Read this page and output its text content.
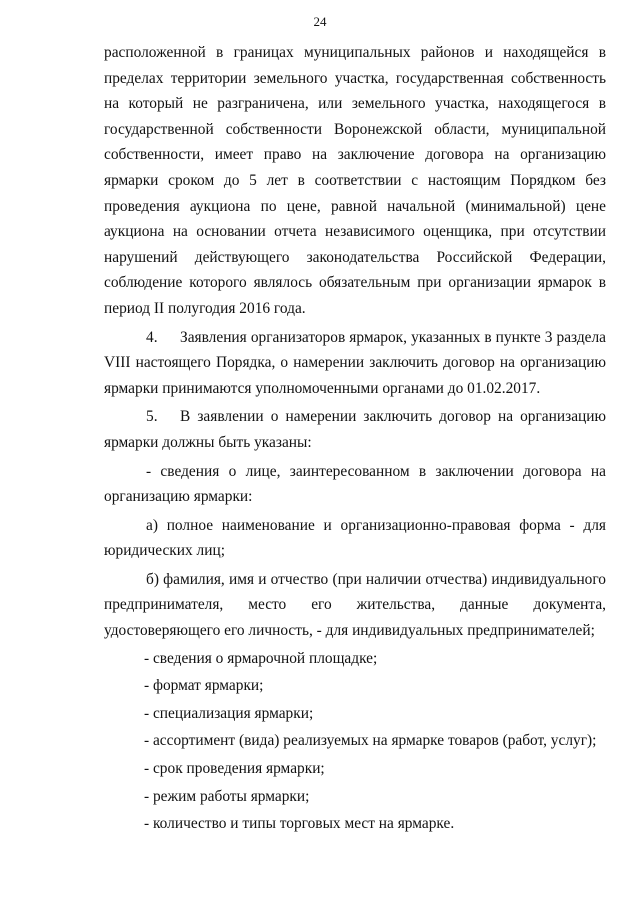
24

расположенной в границах муниципальных районов и находящейся в пределах территории земельного участка, государственная собственность на который не разграничена, или земельного участка, находящегося в государственной собственности Воронежской области, муниципальной собственности, имеет право на заключение договора на организацию ярмарки сроком до 5 лет в соответствии с настоящим Порядком без проведения аукциона по цене, равной начальной (минимальной) цене аукциона на основании отчета независимого оценщика, при отсутствии нарушений действующего законодательства Российской Федерации, соблюдение которого являлось обязательным при организации ярмарок в период II полугодия 2016 года.

4. Заявления организаторов ярмарок, указанных в пункте 3 раздела VIII настоящего Порядка, о намерении заключить договор на организацию ярмарки принимаются уполномоченными органами до 01.02.2017.

5. В заявлении о намерении заключить договор на организацию ярмарки должны быть указаны:

- сведения о лице, заинтересованном в заключении договора на организацию ярмарки:

а) полное наименование и организационно-правовая форма - для юридических лиц;

б) фамилия, имя и отчество (при наличии отчества) индивидуального предпринимателя, место его жительства, данные документа, удостоверяющего его личность, - для индивидуальных предпринимателей;

- сведения о ярмарочной площадке;

- формат ярмарки;

- специализация ярмарки;

- ассортимент (вида) реализуемых на ярмарке товаров (работ, услуг);

- срок проведения ярмарки;

- режим работы ярмарки;

- количество и типы торговых мест на ярмарке.
